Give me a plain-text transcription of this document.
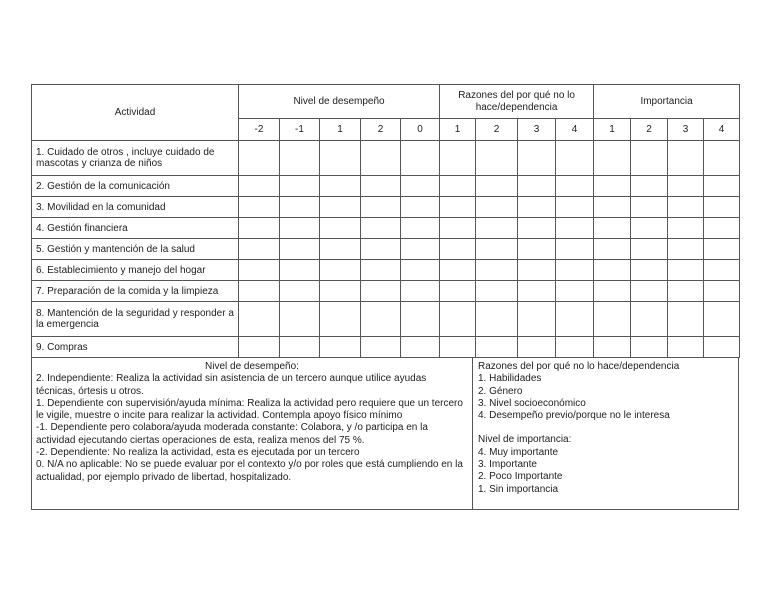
Actividad	Nivel de desempeño					Razones del por qué no lo hace/dependencia				Importancia			
	-2	-1	1	2	0	1	2	3	4	1	2	3	4
1. Cuidado de otros , incluye cuidado de mascotas y crianza de niños													
2. Gestión de la comunicación													
3. Movilidad en la comunidad													
4. Gestión financiera													
5. Gestión y mantención de la salud													
6. Establecimiento y manejo del hogar													
7. Preparación de la comida y la limpieza													
8. Mantención de la seguridad y responder a la emergencia													
9. Compras													
Nivel de desempeño:
2. Independiente: Realiza la actividad sin asistencia de un tercero aunque utilice ayudas técnicas, órtesis u otros.
1. Dependiente con supervisión/ayuda mínima: Realiza la actividad pero requiere que un tercero le vigile, muestre o incite para realizar la actividad. Contempla apoyo físico mínimo
-1. Dependiente pero colabora/ayuda moderada constante: Colabora, y /o participa en la actividad ejecutando ciertas operaciones de esta, realiza menos del 75 %.
-2. Dependiente: No realiza la actividad, esta es ejecutada por un tercero
0. N/A no aplicable: No se puede evaluar por el contexto y/o por roles que está cumpliendo en la actualidad, por ejemplo privado de libertad, hospitalizado.
Razones del por qué no lo hace/dependencia
1. Habilidades
2. Género
3. Nivel socioeconómico
4. Desempeño previo/porque no le interesa
Nivel de importancia:
4. Muy importante
3. Importante
2. Poco Importante
1. Sin importancia
